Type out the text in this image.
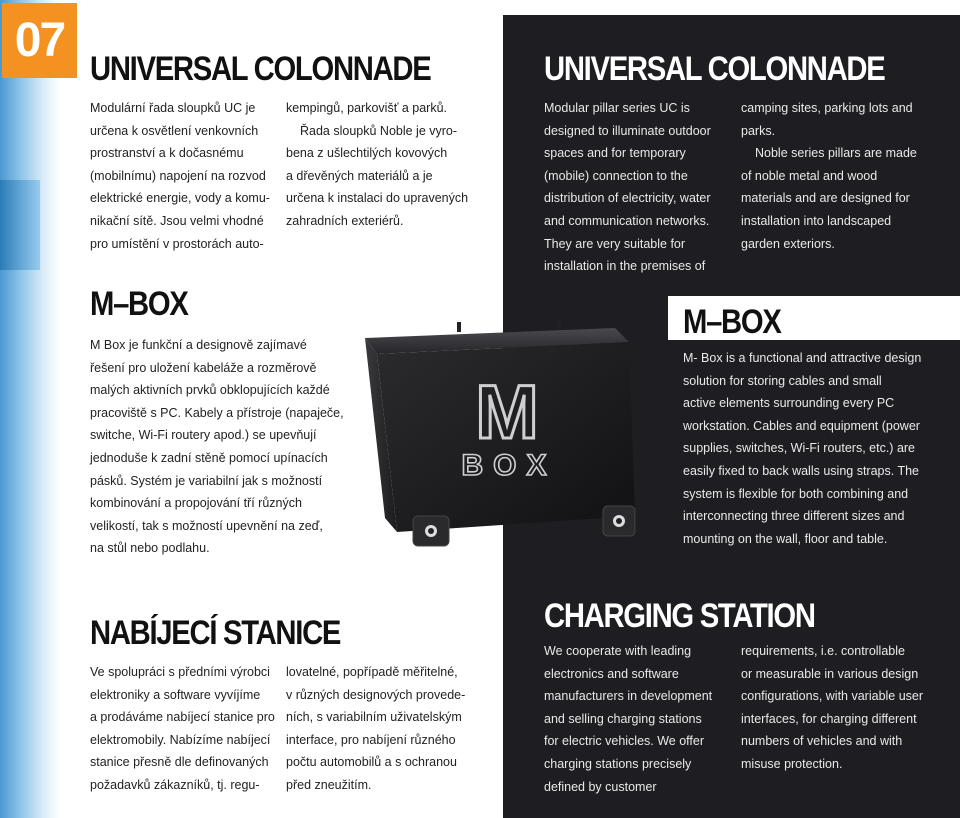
07
UNIVERSAL COLONNADE
M–BOX
NABÍJECÍ STANICE
UNIVERSAL COLONNADE
CHARGING STATION
M–BOX
Modulární řada sloupků UC je
určena k osvětlení venkovních
prostranství a k dočasnému
(mobilnímu) napojení na rozvod
elektrické energie, vody a komu-
nikační sítě. Jsou velmi vhodné
pro umístění v prostorách auto-
kempingů, parkovišť a parků.
Řada sloupků Noble je vyro-
bena z ušlechtilých kovových
a dřevěných materiálů a je
určena k instalaci do upravených
zahradních exteriérů.
M Box je funkční a designově zajímavé
řešení pro uložení kabeláže a rozměrově
malých aktivních prvků obklopujících každé
pracoviště s PC. Kabely a přístroje (napaječe,
switche, Wi-Fi routery apod.) se upevňují
jednoduše k zadní stěně pomocí upínacích
pásků. Systém je variabilní jak s možností
kombinování a propojování tří různých
velikostí, tak s možností upevnění na zeď,
na stůl nebo podlahu.
Ve spolupráci s předními výrobci
elektroniky a software vyvíjíme
a prodáváme nabíjecí stanice pro
elektromobily. Nabízíme nabíjecí
stanice přesně dle definovaných
požadavků zákazníků, tj. regu-
lovatelné, popřípadě měřitelné,
v různých designových provede-
ních, s variabilním uživatelským
interface, pro nabíjení různého
počtu automobilů a s ochranou
před zneužitím.
Modular pillar series UC is
designed to illuminate outdoor
spaces and for temporary
(mobile) connection to the
distribution of electricity, water
and communication networks.
They are very suitable for
installation in the premises of
camping sites, parking lots and
parks.
Noble series pillars are made
of noble metal and wood
materials and are designed for
installation into landscaped
garden exteriors.
M- Box is a functional and attractive design
solution for storing cables and small
active elements surrounding every PC
workstation. Cables and equipment (power
supplies, switches, Wi-Fi routers, etc.) are
easily fixed to back walls using straps. The
system is flexible for both combining and
interconnecting three different sizes and
mounting on the wall, floor and table.
We cooperate with leading
electronics and software
manufacturers in development
and selling charging stations
for electric vehicles. We offer
charging stations precisely
defined by customer
requirements, i.e. controllable
or measurable in various design
configurations, with variable user
interfaces, for charging different
numbers of vehicles and with
misuse protection.
M
BOX
